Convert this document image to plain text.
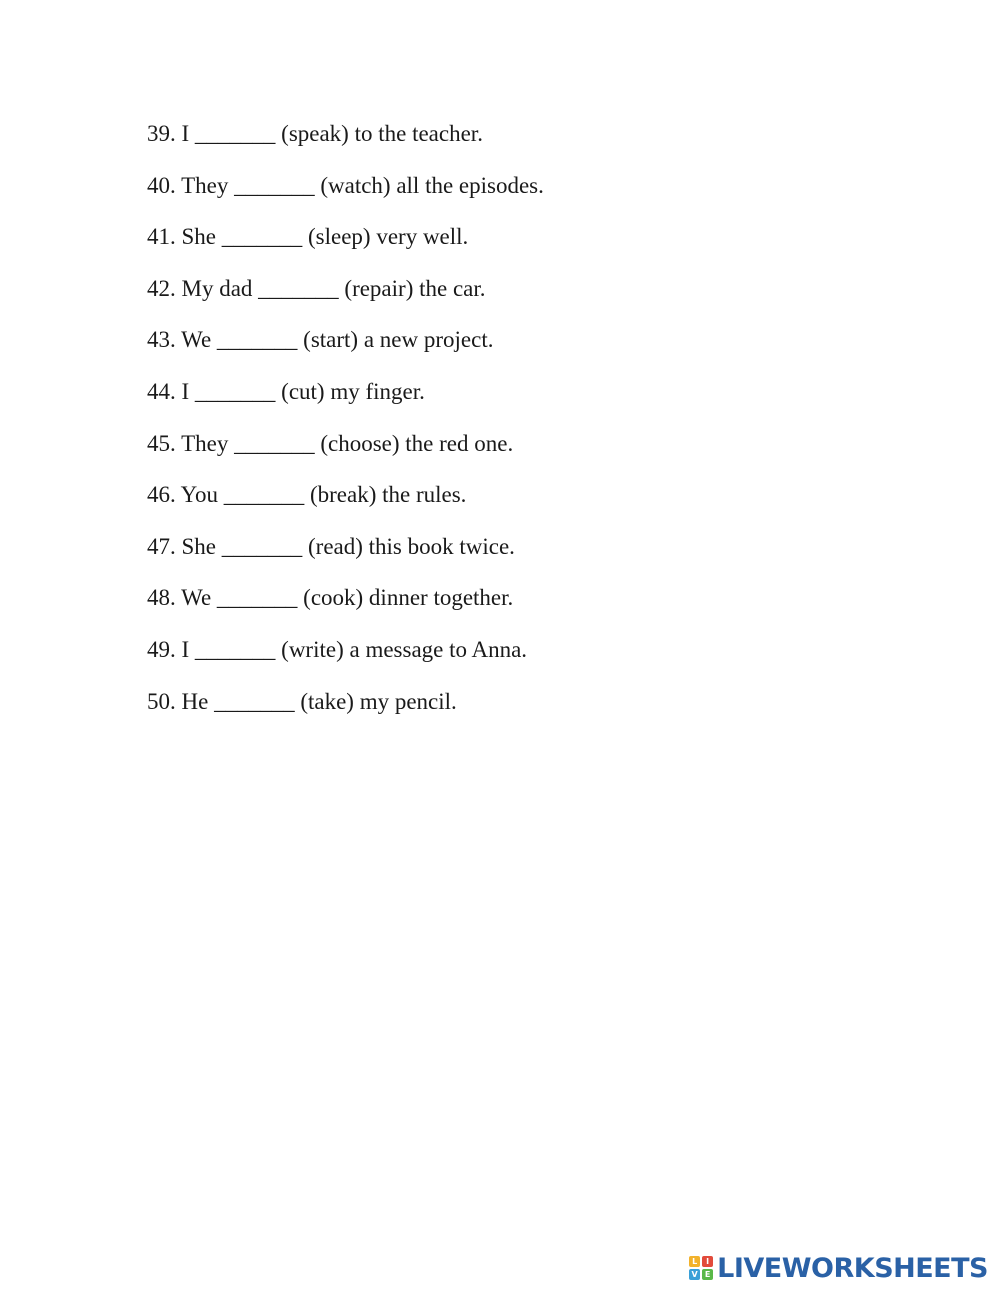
39. I _______ (speak) to the teacher.
40. They _______ (watch) all the episodes.
41. She _______ (sleep) very well.
42. My dad _______ (repair) the car.
43. We _______ (start) a new project.
44. I _______ (cut) my finger.
45. They _______ (choose) the red one.
46. You _______ (break) the rules.
47. She _______ (read) this book twice.
48. We _______ (cook) dinner together.
49. I _______ (write) a message to Anna.
50. He _______ (take) my pencil.
L	I
V E LIVEWORKSHEETS
